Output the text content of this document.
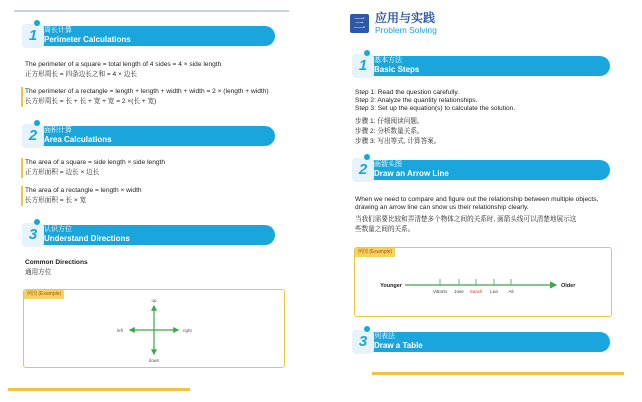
1 周长计算
Perimeter Calculations
The perimeter of a square = total length of 4 sides = 4 × side length
正方形周长 = 四条边长之和 = 4 × 边长
The perimeter of a rectangle = length + length + width + width = 2 × (length + width)
长方形周长 = 长 + 长 + 宽 + 宽 = 2 ×(长 + 宽)
2 面积计算
Area Calculations
The area of a square = side length × side length
正方形面积 = 边长 × 边长
The area of a rectangle = length × width
长方形面积 = 长 × 宽
3 认识方位
Understand Directions
Common Directions
通用方位
例图 (Example)
up
down
left	right
三 应用与实践
Problem Solving
1 基本方法
Basic Steps
Step 1: Read the question carefully.
Step 2: Analyze the quantity relationships.
Step 3: Set up the equation(s) to calculate the solution.
步骤 1: 仔细阅读问题。
步骤 2: 分析数量关系。
步骤 3: 写出等式, 计算答案。
2 画箭头图
Draw an Arrow Line
When we need to compare and figure out the relationship between multiple objects,
drawing an arrow line can show us their relationship clearly.
当我们需要比较和弄清楚多个物体之间的关系时, 画箭头线可以清楚地展示这
些数量之间的关系。
例图 (Example)
Younger	Older
Vittorio Jose Sarah Lea Ali
3 列表法
Draw a Table
